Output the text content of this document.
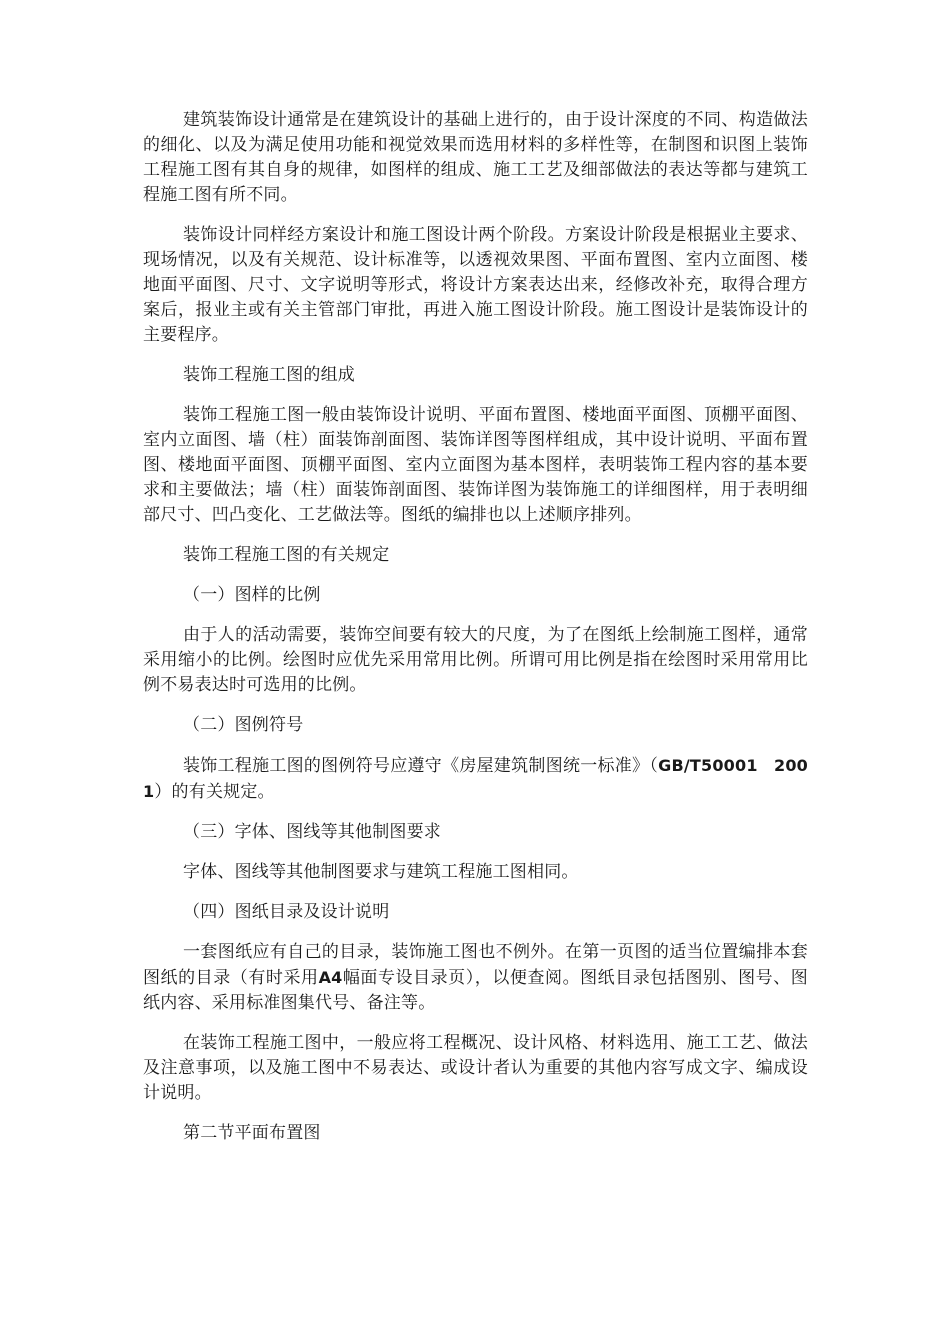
建筑装饰设计通常是在建筑设计的基础上进行的，由于设计深度的不同、构造做法的细化、以及为满足使用功能和视觉效果而选用材料的多样性等，在制图和识图上装饰工程施工图有其自身的规律，如图样的组成、施工工艺及细部做法的表达等都与建筑工程施工图有所不同。

装饰设计同样经方案设计和施工图设计两个阶段。方案设计阶段是根据业主要求、现场情况，以及有关规范、设计标准等，以透视效果图、平面布置图、室内立面图、楼地面平面图、尺寸、文字说明等形式，将设计方案表达出来，经修改补充，取得合理方案后，报业主或有关主管部门审批，再进入施工图设计阶段。施工图设计是装饰设计的主要程序。

装饰工程施工图的组成

装饰工程施工图一般由装饰设计说明、平面布置图、楼地面平面图、顶棚平面图、室内立面图、墙（柱）面装饰剖面图、装饰详图等图样组成，其中设计说明、平面布置图、楼地面平面图、顶棚平面图、室内立面图为基本图样，表明装饰工程内容的基本要求和主要做法；墙（柱）面装饰剖面图、装饰详图为装饰施工的详细图样，用于表明细部尺寸、凹凸变化、工艺做法等。图纸的编排也以上述顺序排列。

装饰工程施工图的有关规定

（一）图样的比例

由于人的活动需要，装饰空间要有较大的尺度，为了在图纸上绘制施工图样，通常采用缩小的比例。绘图时应优先采用常用比例。所谓可用比例是指在绘图时采用常用比例不易表达时可选用的比例。

（二）图例符号

装饰工程施工图的图例符号应遵守《房屋建筑制图统一标准》（GB/T50001　2001）的有关规定。

（三）字体、图线等其他制图要求

字体、图线等其他制图要求与建筑工程施工图相同。

（四）图纸目录及设计说明

一套图纸应有自己的目录，装饰施工图也不例外。在第一页图的适当位置编排本套图纸的目录（有时采用A4幅面专设目录页），以便查阅。图纸目录包括图别、图号、图纸内容、采用标准图集代号、备注等。

在装饰工程施工图中，一般应将工程概况、设计风格、材料选用、施工工艺、做法及注意事项，以及施工图中不易表达、或设计者认为重要的其他内容写成文字、编成设计说明。

第二节平面布置图
